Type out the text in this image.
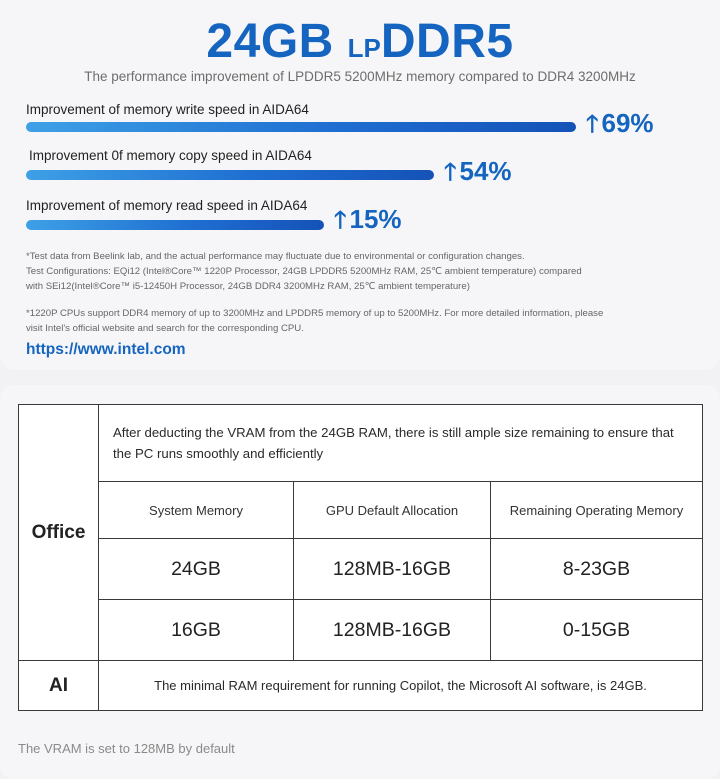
24GB LPDDR5
The performance improvement of LPDDR5 5200MHz memory compared to DDR4 3200MHz
Improvement of memory write speed in AIDA64
🡑 69%
Improvement 0f memory copy speed in AIDA64
🡑 54%
Improvement of memory read speed in AIDA64
🡑 15%
*Test data from Beelink lab, and the actual performance may fluctuate due to environmental or configuration changes.
Test Configurations: EQi12 (Intel®Core™ 1220P Processor, 24GB LPDDR5 5200MHz RAM, 25℃ ambient temperature) compared
with SEi12(Intel®Core™ i5-12450H Processor, 24GB DDR4 3200MHz RAM, 25℃ ambient temperature)
*1220P CPUs support DDR4 memory of up to 3200MHz and LPDDR5 memory of up to 5200MHz. For more detailed information, please
visit Intel's official website and search for the corresponding CPU.
https://www.intel.com
Office	After deducting the VRAM from the 24GB RAM, there is still ample size remaining to ensure that the PC runs smoothly and efficiently		
	System Memory	GPU Default Allocation	Remaining Operating Memory
	24GB	128MB-16GB	8-23GB
	16GB	128MB-16GB	0-15GB
AI	The minimal RAM requirement for running Copilot, the Microsoft AI software, is 24GB.		
The VRAM is set to 128MB by default
